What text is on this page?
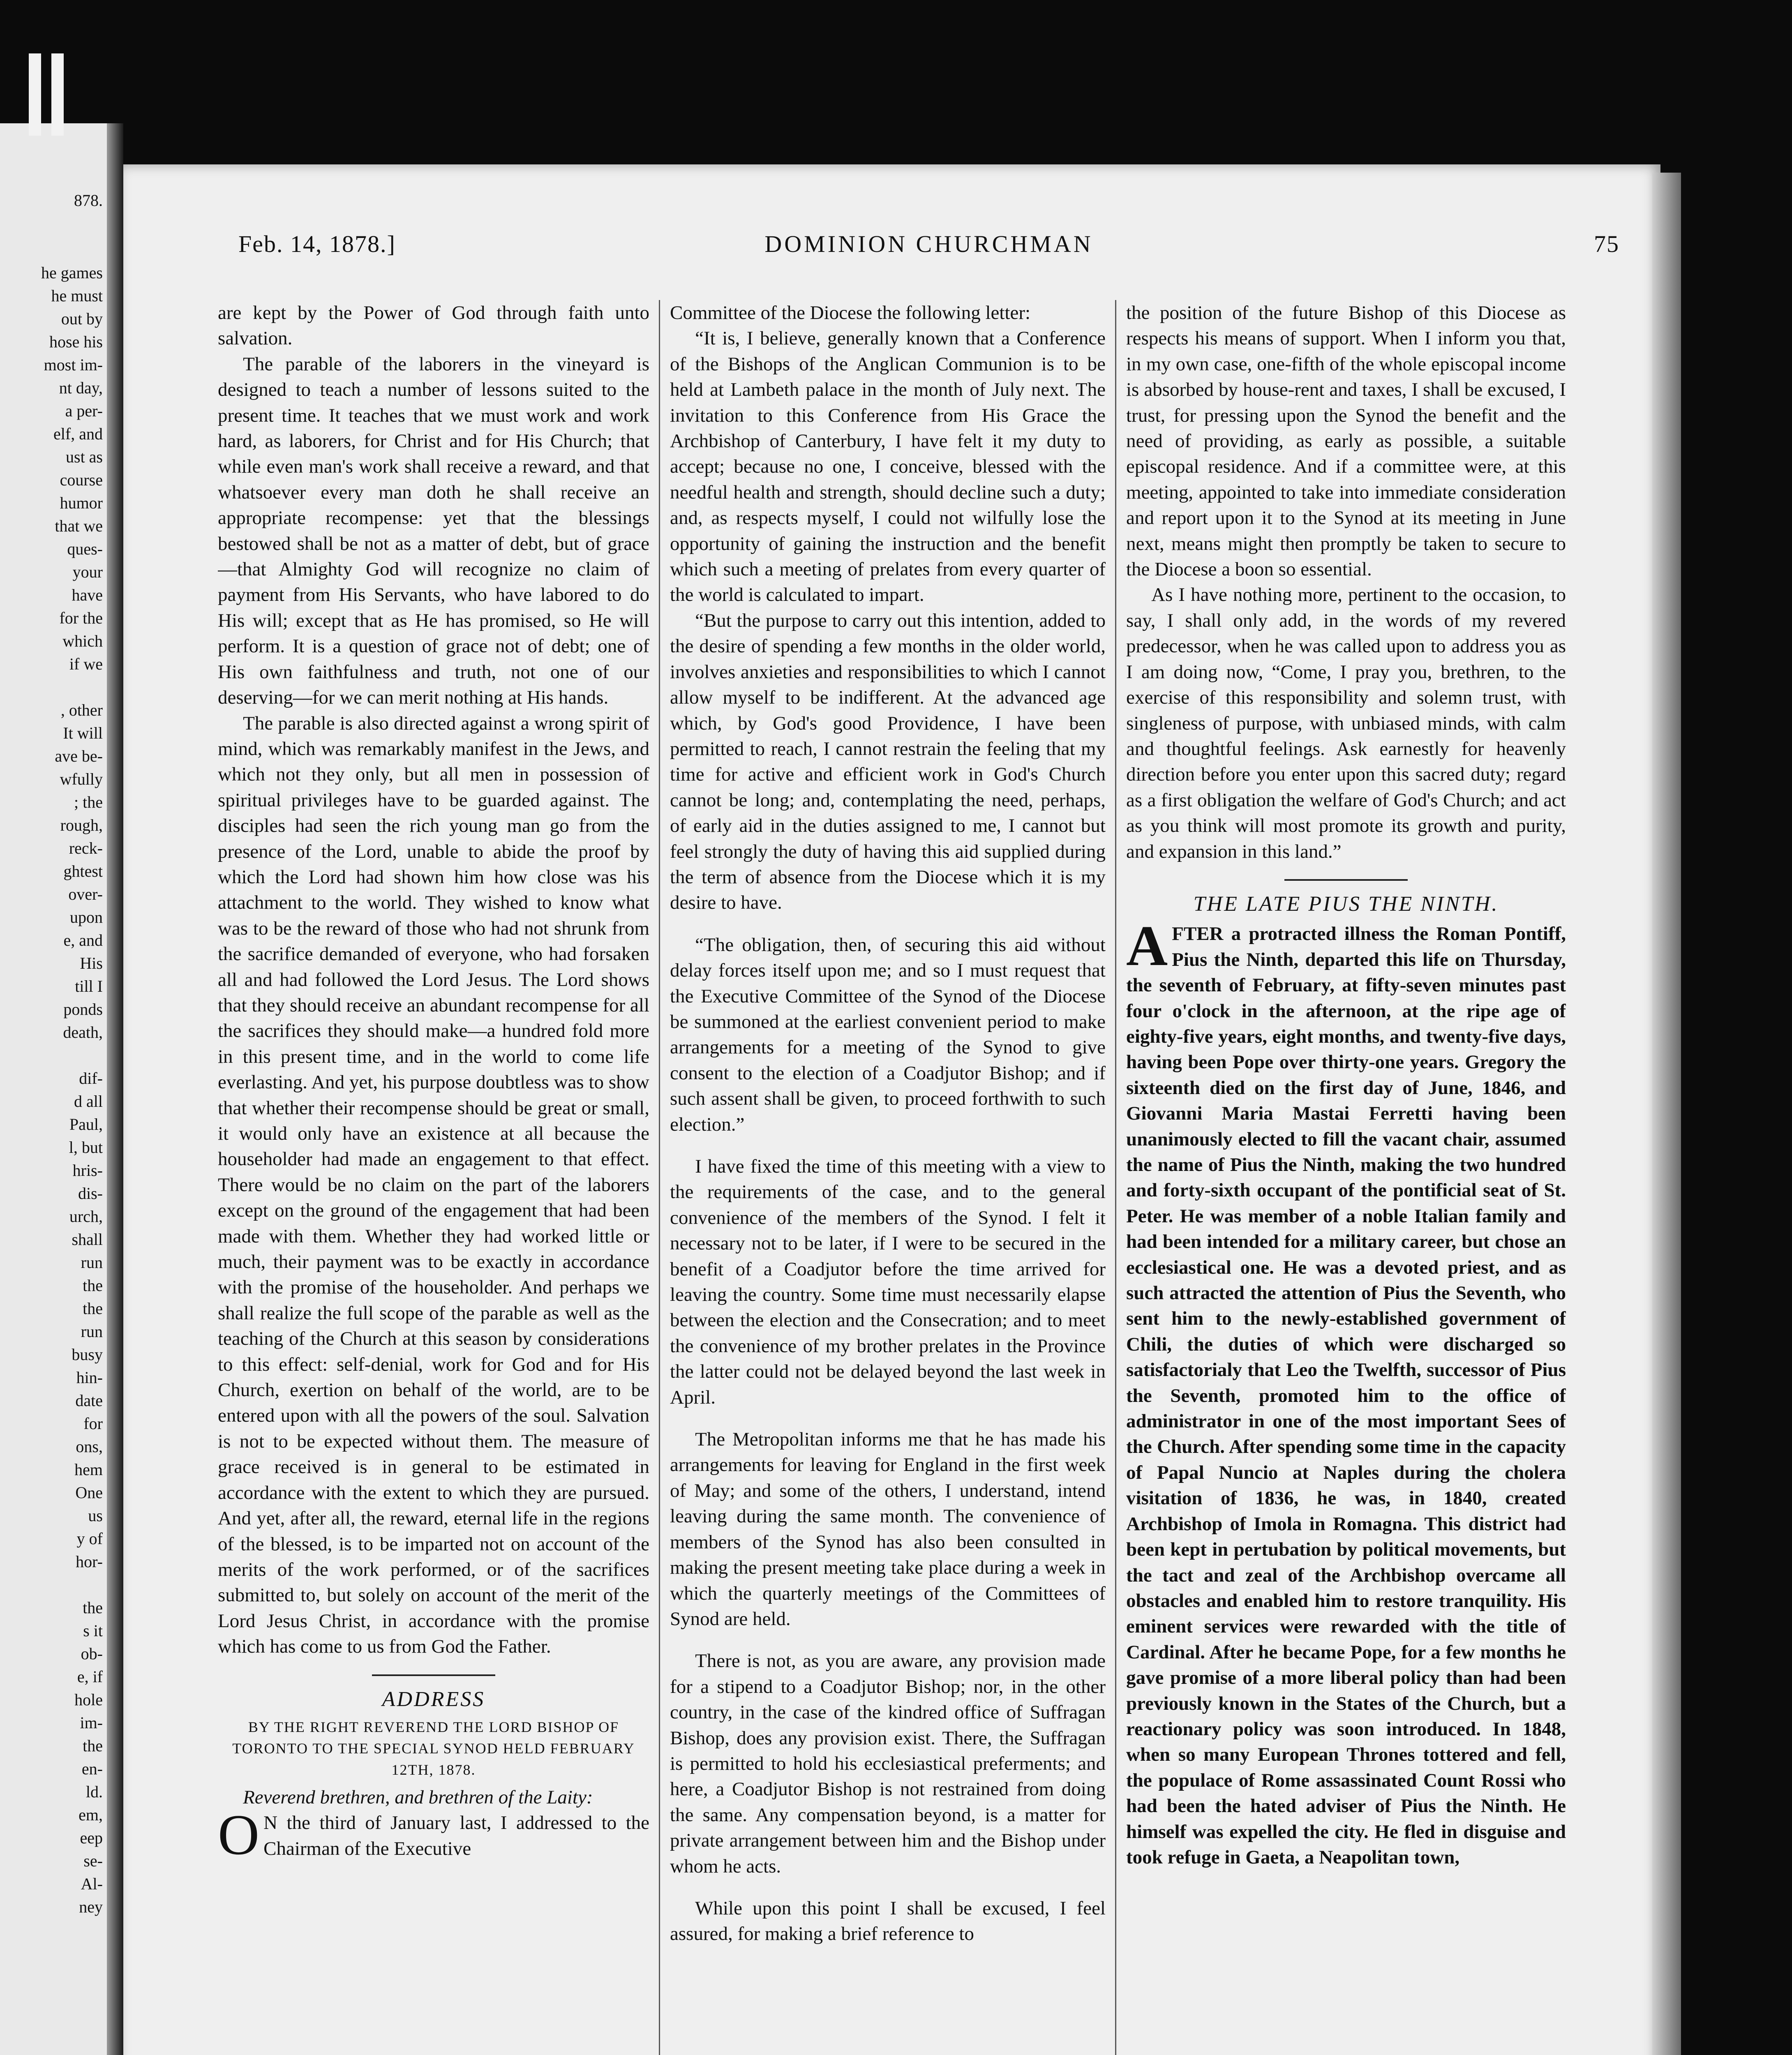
878.
he games
he must
out by
hose his
most im-
nt day,
a per-
elf, and
ust as
course
humor
that we
ques-
your
have
for the
which
if we

, other
It will
ave be-
wfully
; the
rough,
reck-
ghtest
over-
upon
e, and
His
till I
ponds
death,

dif-
d all
Paul,
l, but
hris-
dis-
urch,
shall
run
the
the
run
busy
hin-
date
for
ons,
hem
One
us
y of
hor-

the
s it
ob-
e, if
hole
im-
the
en-
ld.
em,
eep
se-
Al-
ney
Feb. 14, 1878.]	DOMINION CHURCHMAN	75

are kept by the Power of God through faith unto salvation.

The parable of the laborers in the vineyard is designed to teach a number of lessons suited to the present time. It teaches that we must work and work hard, as laborers, for Christ and for His Church; that while even man's work shall receive a reward, and that whatsoever every man doth he shall receive an appropriate recompense: yet that the blessings bestowed shall be not as a matter of debt, but of grace—that Almighty God will recognize no claim of payment from His Servants, who have labored to do His will; except that as He has promised, so He will perform. It is a question of grace not of debt; one of His own faithfulness and truth, not one of our deserving—for we can merit nothing at His hands.

The parable is also directed against a wrong spirit of mind, which was remarkably manifest in the Jews, and which not they only, but all men in possession of spiritual privileges have to be guarded against. The disciples had seen the rich young man go from the presence of the Lord, unable to abide the proof by which the Lord had shown him how close was his attachment to the world. They wished to know what was to be the reward of those who had not shrunk from the sacrifice demanded of everyone, who had forsaken all and had followed the Lord Jesus. The Lord shows that they should receive an abundant recompense for all the sacrifices they should make—a hundred fold more in this present time, and in the world to come life everlasting. And yet, his purpose doubtless was to show that whether their recompense should be great or small, it would only have an existence at all because the householder had made an engagement to that effect. There would be no claim on the part of the laborers except on the ground of the engagement that had been made with them. Whether they had worked little or much, their payment was to be exactly in accordance with the promise of the householder. And perhaps we shall realize the full scope of the parable as well as the teaching of the Church at this season by considerations to this effect: self-denial, work for God and for His Church, exertion on behalf of the world, are to be entered upon with all the powers of the soul. Salvation is not to be expected without them. The measure of grace received is in general to be estimated in accordance with the extent to which they are pursued. And yet, after all, the reward, eternal life in the regions of the blessed, is to be imparted not on account of the merits of the work performed, or of the sacrifices submitted to, but solely on account of the merit of the Lord Jesus Christ, in accordance with the promise which has come to us from God the Father.

ADDRESS
BY THE RIGHT REVEREND THE LORD BISHOP OF TORONTO TO THE SPECIAL SYNOD HELD FEBRUARY 12TH, 1878.

Reverend brethren, and brethren of the Laity:

O N the third of January last, I addressed to the Chairman of the Executive

Committee of the Diocese the following letter:

“It is, I believe, generally known that a Conference of the Bishops of the Anglican Communion is to be held at Lambeth palace in the month of July next. The invitation to this Conference from His Grace the Archbishop of Canterbury, I have felt it my duty to accept; because no one, I conceive, blessed with the needful health and strength, should decline such a duty; and, as respects myself, I could not wilfully lose the opportunity of gaining the instruction and the benefit which such a meeting of prelates from every quarter of the world is calculated to impart.

“But the purpose to carry out this intention, added to the desire of spending a few months in the older world, involves anxieties and responsibilities to which I cannot allow myself to be indifferent. At the advanced age which, by God's good Providence, I have been permitted to reach, I cannot restrain the feeling that my time for active and efficient work in God's Church cannot be long; and, contemplating the need, perhaps, of early aid in the duties assigned to me, I cannot but feel strongly the duty of having this aid supplied during the term of absence from the Diocese which it is my desire to have.

“The obligation, then, of securing this aid without delay forces itself upon me; and so I must request that the Executive Committee of the Synod of the Diocese be summoned at the earliest convenient period to make arrangements for a meeting of the Synod to give consent to the election of a Coadjutor Bishop; and if such assent shall be given, to proceed forthwith to such election.”

I have fixed the time of this meeting with a view to the requirements of the case, and to the general convenience of the members of the Synod. I felt it necessary not to be later, if I were to be secured in the benefit of a Coadjutor before the time arrived for leaving the country. Some time must necessarily elapse between the election and the Consecration; and to meet the convenience of my brother prelates in the Province the latter could not be delayed beyond the last week in April.

The Metropolitan informs me that he has made his arrangements for leaving for England in the first week of May; and some of the others, I understand, intend leaving during the same month. The convenience of members of the Synod has also been consulted in making the present meeting take place during a week in which the quarterly meetings of the Committees of Synod are held.

There is not, as you are aware, any provision made for a stipend to a Coadjutor Bishop; nor, in the other country, in the case of the kindred office of Suffragan Bishop, does any provision exist. There, the Suffragan is permitted to hold his ecclesiastical preferments; and here, a Coadjutor Bishop is not restrained from doing the same. Any compensation beyond, is a matter for private arrangement between him and the Bishop under whom he acts.

While upon this point I shall be excused, I feel assured, for making a brief reference to

the position of the future Bishop of this Diocese as respects his means of support. When I inform you that, in my own case, one-fifth of the whole episcopal income is absorbed by house-rent and taxes, I shall be excused, I trust, for pressing upon the Synod the benefit and the need of providing, as early as possible, a suitable episcopal residence. And if a committee were, at this meeting, appointed to take into immediate consideration and report upon it to the Synod at its meeting in June next, means might then promptly be taken to secure to the Diocese a boon so essential.

As I have nothing more, pertinent to the occasion, to say, I shall only add, in the words of my revered predecessor, when he was called upon to address you as I am doing now, “Come, I pray you, brethren, to the exercise of this responsibility and solemn trust, with singleness of purpose, with unbiased minds, with calm and thoughtful feelings. Ask earnestly for heavenly direction before you enter upon this sacred duty; regard as a first obligation the welfare of God's Church; and act as you think will most promote its growth and purity, and expansion in this land.”

THE LATE PIUS THE NINTH.

A FTER a protracted illness the Roman Pontiff, Pius the Ninth, departed this life on Thursday, the seventh of February, at fifty-seven minutes past four o'clock in the afternoon, at the ripe age of eighty-five years, eight months, and twenty-five days, having been Pope over thirty-one years. Gregory the sixteenth died on the first day of June, 1846, and Giovanni Maria Mastai Ferretti having been unanimously elected to fill the vacant chair, assumed the name of Pius the Ninth, making the two hundred and forty-sixth occupant of the pontificial seat of St. Peter. He was member of a noble Italian family and had been intended for a military career, but chose an ecclesiastical one. He was a devoted priest, and as such attracted the attention of Pius the Seventh, who sent him to the newly-established government of Chili, the duties of which were discharged so satisfactorialy that Leo the Twelfth, successor of Pius the Seventh, promoted him to the office of administrator in one of the most important Sees of the Church. After spending some time in the capacity of Papal Nuncio at Naples during the cholera visitation of 1836, he was, in 1840, created Archbishop of Imola in Romagna. This district had been kept in pertubation by political movements, but the tact and zeal of the Archbishop overcame all obstacles and enabled him to restore tranquility. His eminent services were rewarded with the title of Cardinal. After he became Pope, for a few months he gave promise of a more liberal policy than had been previously known in the States of the Church, but a reactionary policy was soon introduced. In 1848, when so many European Thrones tottered and fell, the populace of Rome assassinated Count Rossi who had been the hated adviser of Pius the Ninth. He himself was expelled the city. He fled in disguise and took refuge in Gaeta, a Neapolitan town,
